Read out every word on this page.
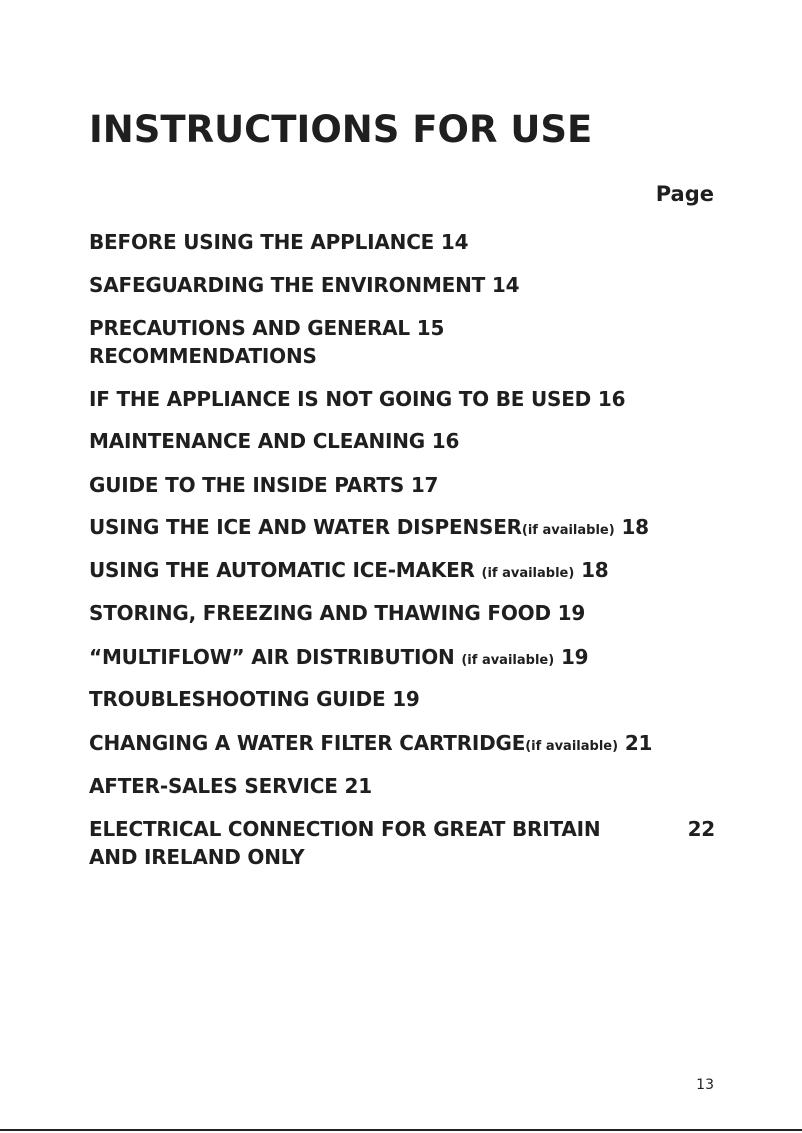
INSTRUCTIONS FOR USE
Page
BEFORE USING THE APPLIANCE 14
SAFEGUARDING THE ENVIRONMENT 14
PRECAUTIONS AND GENERAL 15
RECOMMENDATIONS
IF THE APPLIANCE IS NOT GOING TO BE USED 16
MAINTENANCE AND CLEANING 16
GUIDE TO THE INSIDE PARTS 17
USING THE ICE AND WATER DISPENSER(if available) 18
USING THE AUTOMATIC ICE-MAKER (if available) 18
STORING, FREEZING AND THAWING FOOD 19
“MULTIFLOW” AIR DISTRIBUTION (if available) 19
TROUBLESHOOTING GUIDE 19
CHANGING A WATER FILTER CARTRIDGE(if available) 21
AFTER-SALES SERVICE 21
ELECTRICAL CONNECTION FOR GREAT BRITAIN	22

AND IRELAND ONLY
13
